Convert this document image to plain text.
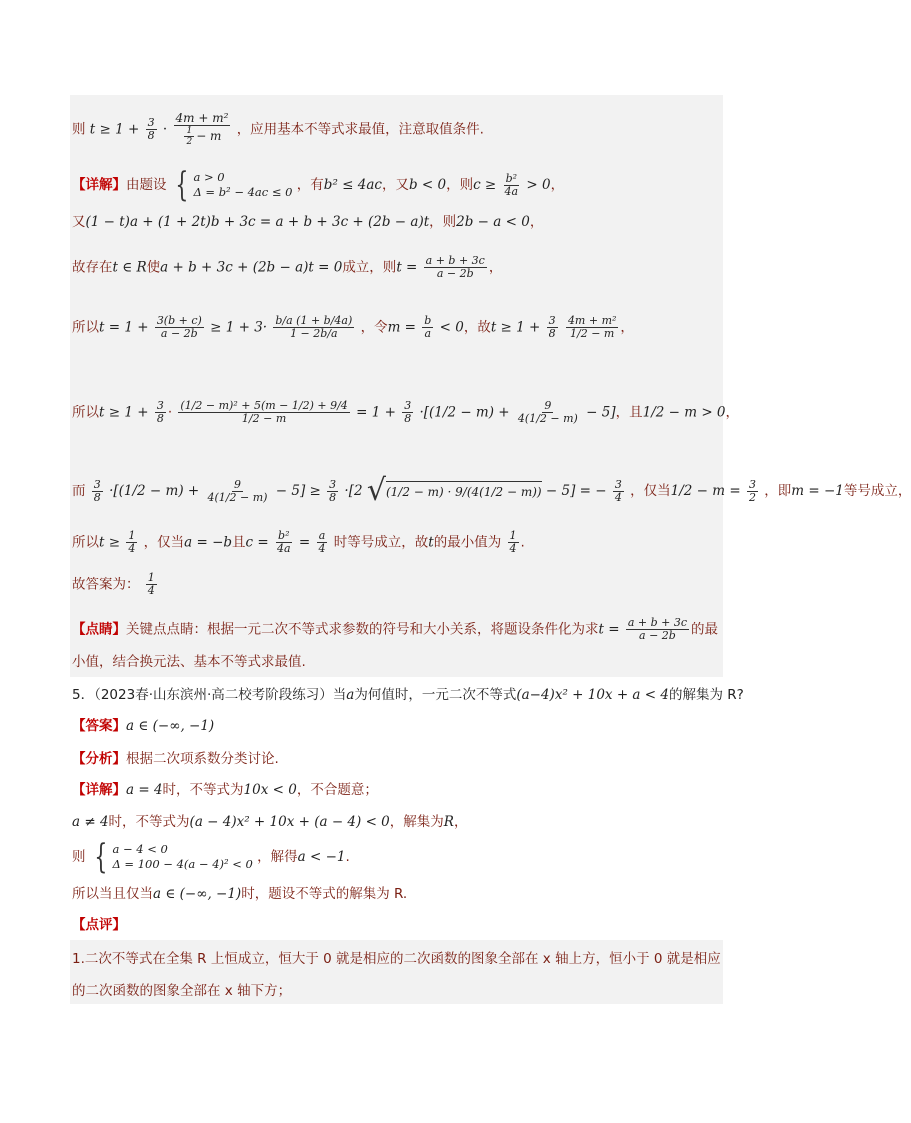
则 $t \ge 1 + \frac{3}{8} \cdot \frac{\text{4m + m²}}{\frac{1}{2} - m}$ ，应用基本不等式求最值，注意取值条件.
【详解】由题设 { a > 0
Δ = b² − 4ac ≤ 0 ，有b² ≤ 4ac，又b < 0，则$c \ge \frac{\text{b²}}{4a} > 0$，
又(1 − t)a + (1 + 2t)b + 3c = a + b + 3c + (2b − a)t，则2b − a < 0，
故存在t ∈ R使a + b + 3c + (2b − a)t = 0成立，则$t = \frac{a + b + 3c}{a - 2b}$ ，
所以$t = 1 + \frac{3(b + c)}{a - 2b} \ge 1 + 3\cdot \frac{b/a (1 + b/4a)}{1 - 2b/a}$ ，令$m = \frac{b}{a} < 0$，故$t \ge 1 + \frac{3}{8}$
$\frac{\text{4m + m²}}{1/2 - m}$ ，
所以$t \ge 1 + \frac{3}{8} \cdot \frac{\text{(1/2 − m)² + 5(m − 1/2) + 9/4}}{1/2 - m} = 1 + \frac{3}{8} \cdot[(1/2 - m) + \frac{9}{4(1/2 - m)} - 5]$，且1/2 − m > 0，
而 $\frac{3}{8} \cdot[(1/2 - m) + \frac{9}{4(1/2 - m)} - 5] \ge \frac{3}{8} \cdot[2$ √ (1/2 − m) · 9/(4(1/2 − m)) − 5] = − $\frac{3}{4}$ ，仅当$1/2 - m = \frac{3}{2}$ ，即m = −1等号成立，
所以$t \ge \frac{1}{4}$ ，仅当a = −b且$c = \frac{\text{b²}}{4a} = \frac{a}{4}$ 时等号成立，故t的最小值为 $\frac{1}{4}$ .
故答案为： $\frac{1}{4}$
【点睛】关键点点睛：根据一元二次不等式求参数的符号和大小关系，将题设条件化为求$t = \frac{a + b + 3c}{a - 2b}$ 的最
小值，结合换元法、基本不等式求最值.
5．（2023春·山东滨州·高二校考阶段练习）当a为何值时，一元二次不等式(a−4)x² + 10x + a < 4的解集为 R?
【答案】a ∈ (−∞, −1)
【分析】根据二次项系数分类讨论.
【详解】a = 4时，不等式为10x < 0，不合题意；
a ≠ 4时，不等式为(a − 4)x² + 10x + (a − 4) < 0，解集为R，
则 { a − 4 < 0
Δ = 100 − 4(a − 4)² < 0 ，解得a < −1.
所以当且仅当a ∈ (−∞, −1)时，题设不等式的解集为 R.
【点评】
1.二次不等式在全集 R 上恒成立，恒大于 0 就是相应的二次函数的图象全部在 x 轴上方，恒小于 0 就是相应
的二次函数的图象全部在 x 轴下方；
